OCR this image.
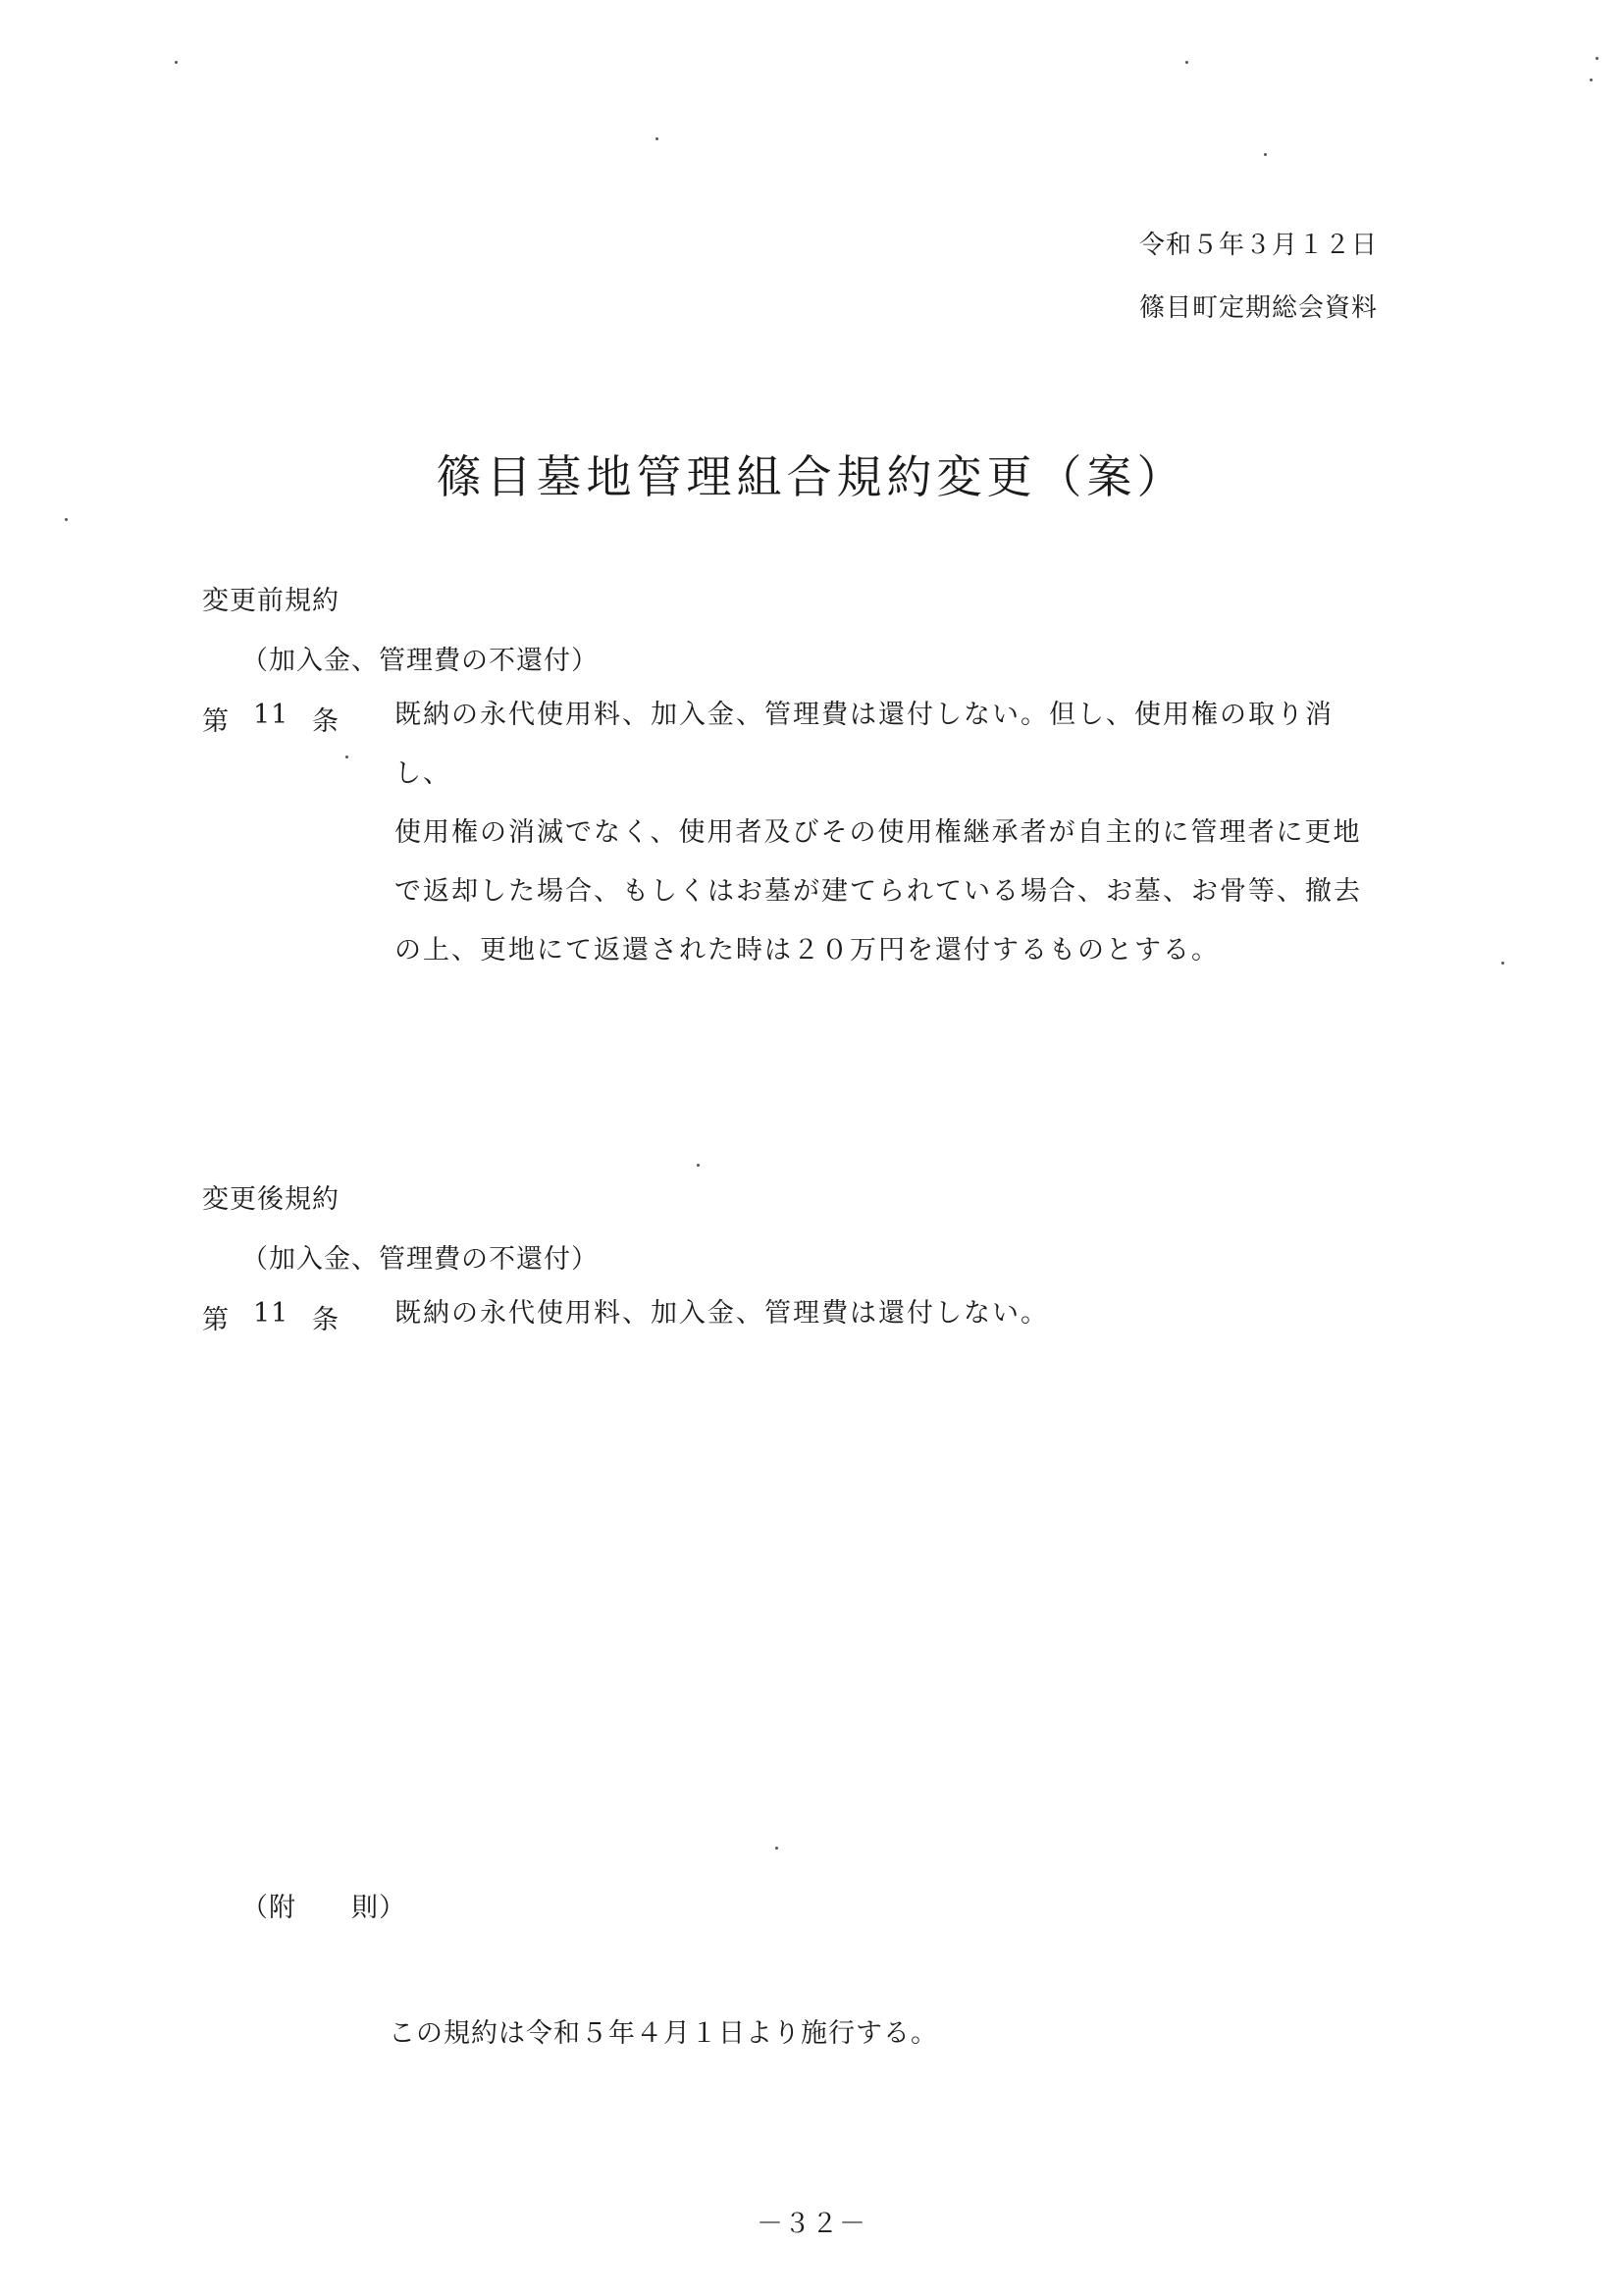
令和５年３月１２日
篠目町定期総会資料
篠目墓地管理組合規約変更（案）
変更前規約
（加入金、管理費の不還付）
第 11 条 既納の永代使用料、加入金、管理費は還付しない。但し、使用権の取り消し、
使用権の消滅でなく、使用者及びその使用権継承者が自主的に管理者に更地
で返却した場合、もしくはお墓が建てられている場合、お墓、お骨等、撤去
の上、更地にて返還された時は２０万円を還付するものとする。
変更後規約
（加入金、管理費の不還付）
第 11 条 既納の永代使用料、加入金、管理費は還付しない。
（附　　則）
この規約は令和５年４月１日より施行する。
－３２－
